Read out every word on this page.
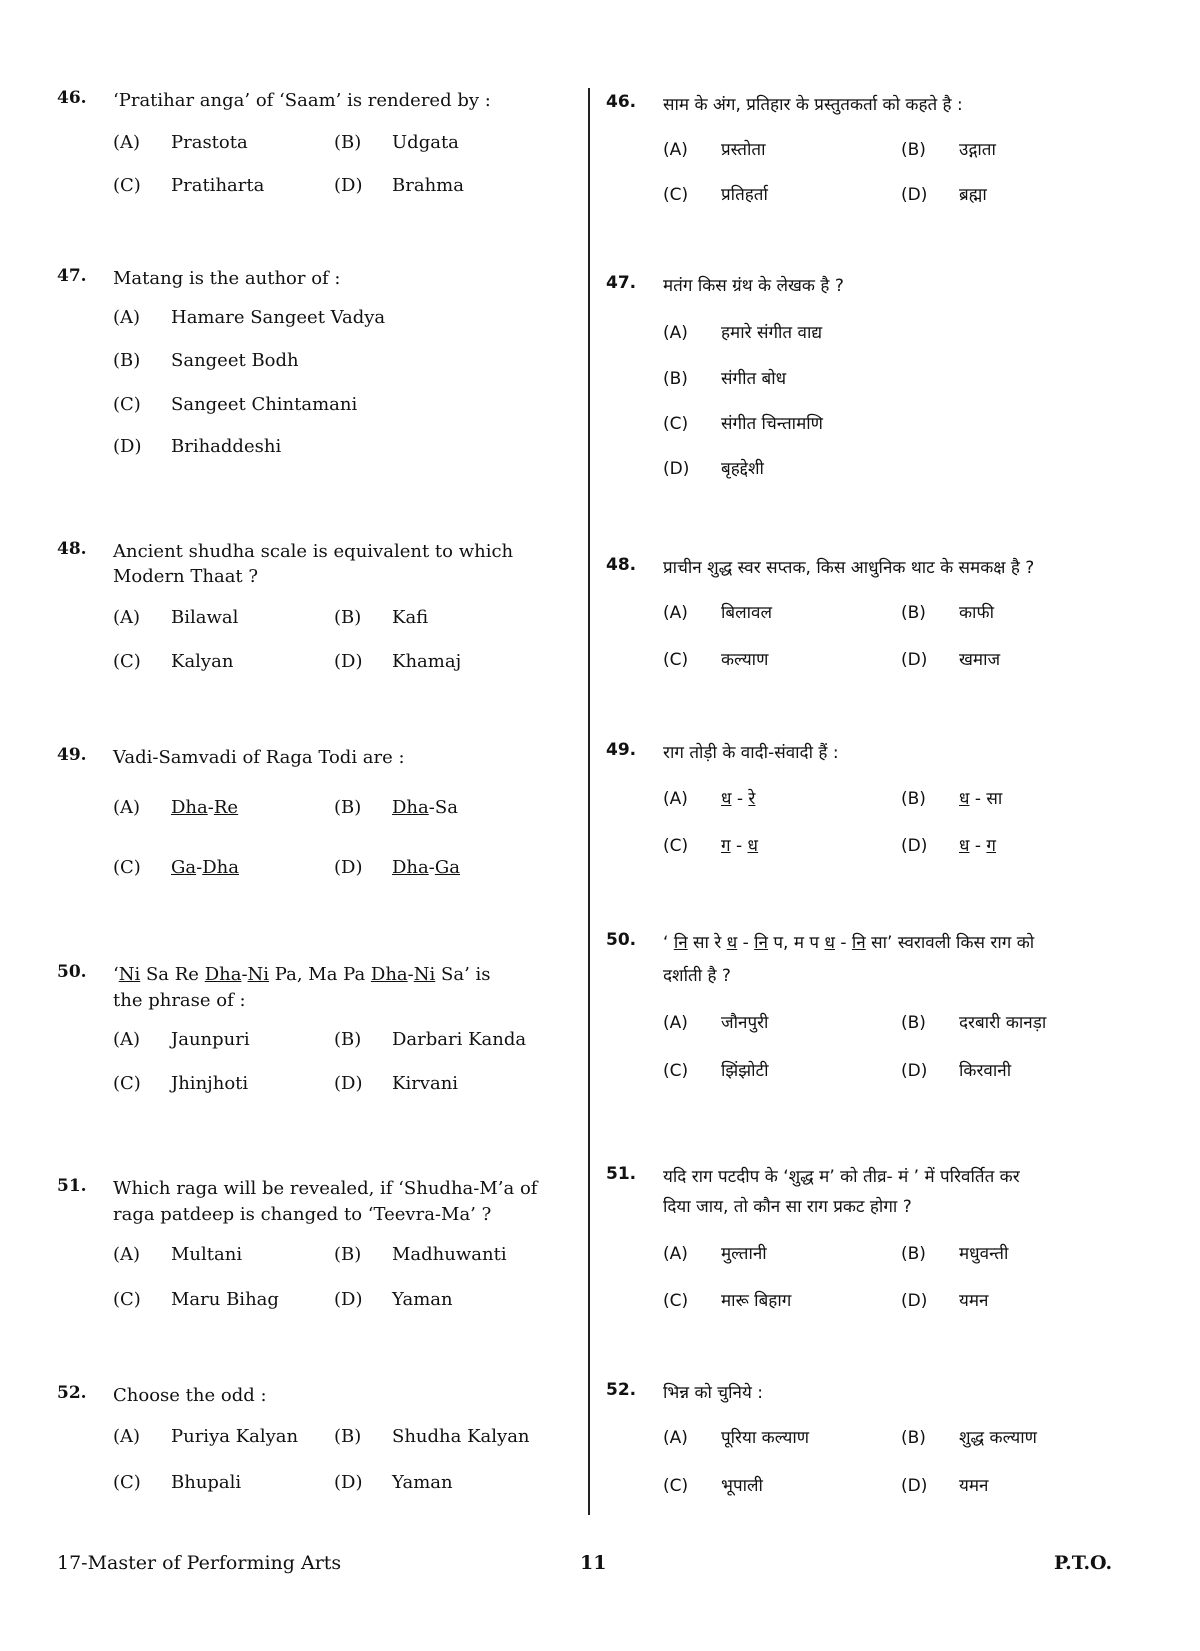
46. ‘Pratihar anga’ of ‘Saam’ is rendered by :
(A) Prastota	(B) Udgata
(C) Pratiharta	(D) Brahma
47. Matang is the author of :
(A) Hamare Sangeet Vadya
(B) Sangeet Bodh
(C) Sangeet Chintamani
(D) Brihaddeshi
48. Ancient shudha scale is equivalent to which
Modern Thaat ?
(A) Bilawal	(B) Kafi
(C) Kalyan	(D) Khamaj
49. Vadi-Samvadi of Raga Todi are :
(A) Dha-Re	(B) Dha-Sa
(C) Ga-Dha	(D) Dha-Ga
50. ‘Ni Sa Re Dha-Ni Pa, Ma Pa Dha-Ni Sa’ is
the phrase of :
(A) Jaunpuri	(B) Darbari Kanda
(C) Jhinjhoti	(D) Kirvani
51. Which raga will be revealed, if ‘Shudha-M’a of
raga patdeep is changed to ‘Teevra-Ma’ ?
(A) Multani	(B) Madhuwanti
(C) Maru Bihag	(D) Yaman
52. Choose the odd :
(A) Puriya Kalyan (B) Shudha Kalyan
(C) Bhupali	(D) Yaman
46. साम के अंग, प्रतिहार के प्रस्तुतकर्ता को कहते है :
(A) प्रस्तोता	(B) उद्गाता
(C) प्रतिहर्ता	(D) ब्रह्मा
47. मतंग किस ग्रंथ के लेखक है ?
(A) हमारे संगीत वाद्य
(B) संगीत बोध
(C) संगीत चिन्तामणि
(D) बृहद्देशी
48. प्राचीन शुद्ध स्वर सप्तक, किस आधुनिक थाट के समकक्ष है ?
(A) बिलावल	(B) काफी
(C) कल्याण	(D) खमाज
49. राग तोड़ी के वादी-संवादी हैं :
(A) ध - रे	(B) ध - सा
(C) ग - ध	(D) ध - ग
50. ‘ नि सा रे ध - नि प, म प ध - नि सा’ स्वरावली किस राग को
दर्शाती है ?
(A) जौनपुरी	(B) दरबारी कानड़ा
(C) झिंझोटी	(D) किरवानी
51. यदि राग पटदीप के ‘शुद्ध म’ को तीव्र- मं ’ में परिवर्तित कर
दिया जाय, तो कौन सा राग प्रकट होगा ?
(A) मुल्तानी	(B) मधुवन्ती
(C) मारू बिहाग	(D) यमन
52. भिन्न को चुनिये :
(A) पूरिया कल्याण	(B) शुद्ध कल्याण
(C) भूपाली	(D) यमन
17-Master of Performing Arts	11	P.T.O.
